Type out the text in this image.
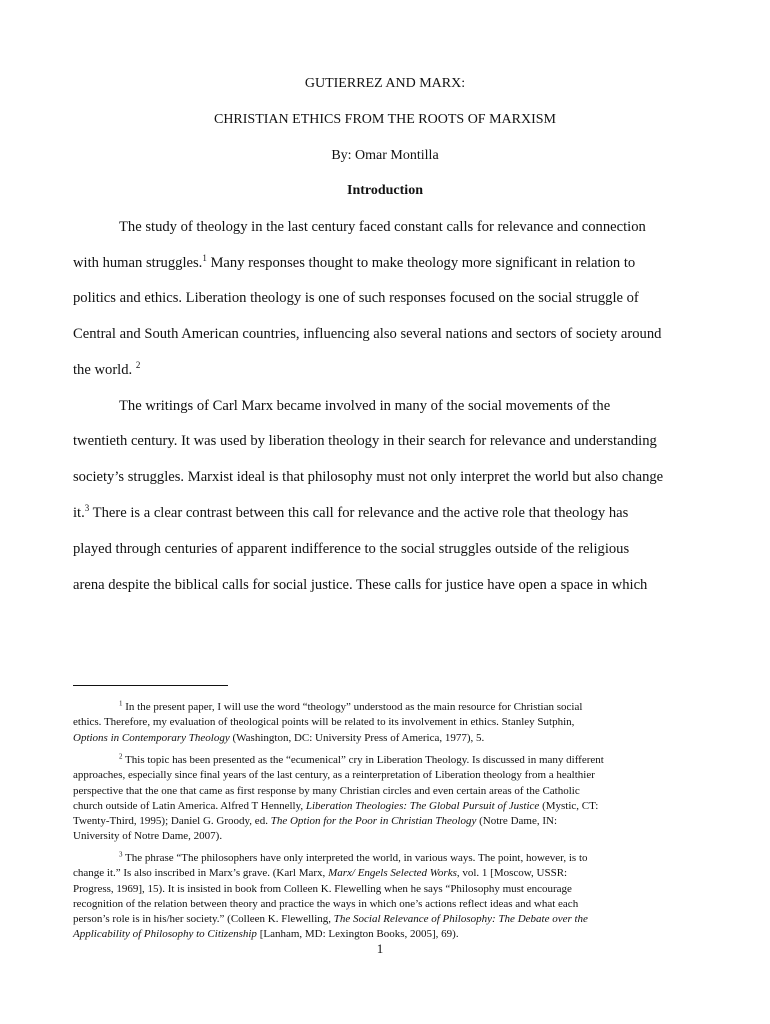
GUTIERREZ AND MARX:
CHRISTIAN ETHICS FROM THE ROOTS OF MARXISM
By: Omar Montilla
Introduction
The study of theology in the last century faced constant calls for relevance and connection
with human struggles.$^1$ Many responses thought to make theology more significant in relation to
politics and ethics. Liberation theology is one of such responses focused on the social struggle of
Central and South American countries, influencing also several nations and sectors of society around
the world. $^2$
The writings of Carl Marx became involved in many of the social movements of the
twentieth century. It was used by liberation theology in their search for relevance and understanding
society’s struggles. Marxist ideal is that philosophy must not only interpret the world but also change
it.$^3$ There is a clear contrast between this call for relevance and the active role that theology has
played through centuries of apparent indifference to the social struggles outside of the religious
arena despite the biblical calls for social justice. These calls for justice have open a space in which
$^1$ In the present paper, I will use the word “theology” understood as the main resource for Christian social
ethics. Therefore, my evaluation of theological points will be related to its involvement in ethics. Stanley Sutphin,
Options in Contemporary Theology (Washington, DC: University Press of America, 1977), 5.
$^2$ This topic has been presented as the “ecumenical” cry in Liberation Theology. Is discussed in many different
approaches, especially since final years of the last century, as a reinterpretation of Liberation theology from a healthier
perspective that the one that came as first response by many Christian circles and even certain areas of the Catholic
church outside of Latin America. Alfred T Hennelly, Liberation Theologies: The Global Pursuit of Justice (Mystic, CT:
Twenty-Third, 1995); Daniel G. Groody, ed. The Option for the Poor in Christian Theology (Notre Dame, IN:
University of Notre Dame, 2007).
$^3$ The phrase “The philosophers have only interpreted the world, in various ways. The point, however, is to
change it.” Is also inscribed in Marx’s grave. (Karl Marx, Marx/ Engels Selected Works, vol. 1 [Moscow, USSR:
Progress, 1969], 15). It is insisted in book from Colleen K. Flewelling when he says “Philosophy must encourage
recognition of the relation between theory and practice the ways in which one’s actions reflect ideas and what each
person’s role is in his/her society.” (Colleen K. Flewelling, The Social Relevance of Philosophy: The Debate over the
Applicability of Philosophy to Citizenship [Lanham, MD: Lexington Books, 2005], 69).
1
